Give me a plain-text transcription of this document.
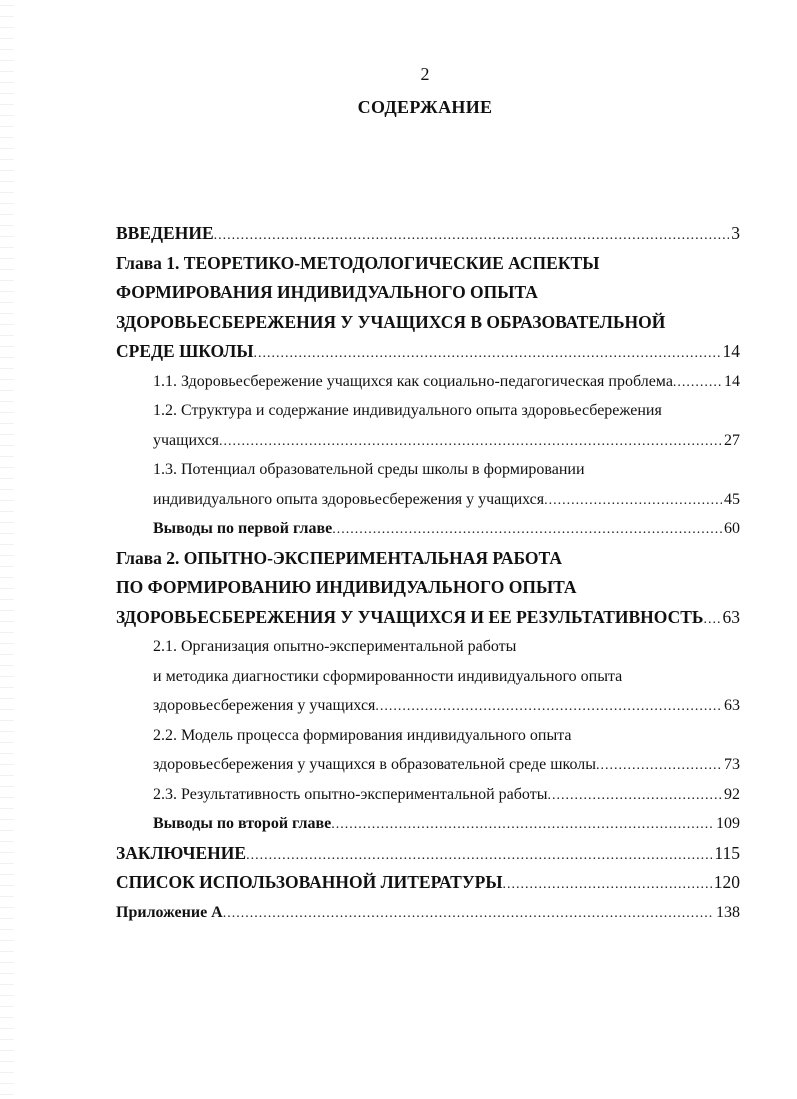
2
СОДЕРЖАНИЕ
ВВЕДЕНИЕ .....	3
Глава 1. ТЕОРЕТИКО-МЕТОДОЛОГИЧЕСКИЕ АСПЕКТЫ
ФОРМИРОВАНИЯ ИНДИВИДУАЛЬНОГО ОПЫТА
ЗДОРОВЬЕСБЕРЕЖЕНИЯ У УЧАЩИХСЯ В ОБРАЗОВАТЕЛЬНОЙ
СРЕДЕ ШКОЛЫ .....	14
1.1. Здоровьесбережение учащихся как социально-педагогическая проблема .....	14
1.2. Структура и содержание индивидуального опыта здоровьесбережения
учащихся .....	27
1.3. Потенциал образовательной среды школы в формировании
индивидуального опыта здоровьесбережения у учащихся .....	45
Выводы по первой главе .....	60
Глава 2. ОПЫТНО-ЭКСПЕРИМЕНТАЛЬНАЯ РАБОТА
ПО ФОРМИРОВАНИЮ ИНДИВИДУАЛЬНОГО ОПЫТА
ЗДОРОВЬЕСБЕРЕЖЕНИЯ У УЧАЩИХСЯ И ЕЕ РЕЗУЛЬТАТИВНОСТЬ ..... 63
2.1. Организация опытно-экспериментальной работы
и методика диагностики сформированности индивидуального опыта
здоровьесбережения у учащихся .....	63
2.2. Модель процесса формирования индивидуального опыта
здоровьесбережения у учащихся в образовательной среде школы .....	73
2.3. Результативность опытно-экспериментальной работы .....	92
Выводы по второй главе .....	109
ЗАКЛЮЧЕНИЕ .....	115
СПИСОК ИСПОЛЬЗОВАННОЙ ЛИТЕРАТУРЫ .....	120
Приложение А .....	138
